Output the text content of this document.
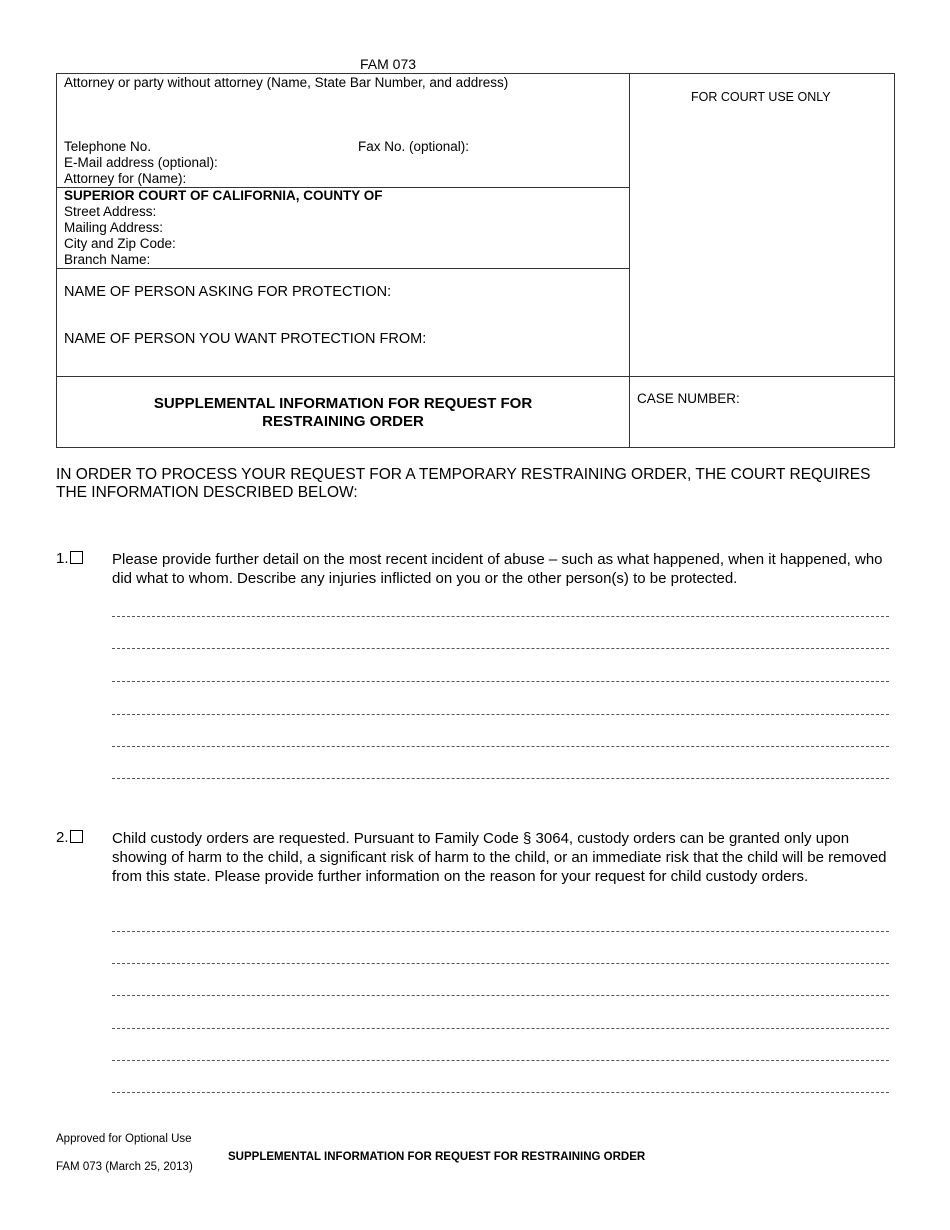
FAM 073
Attorney or party without attorney (Name, State Bar Number, and address)
Telephone No.	Fax No. (optional):
E-Mail address (optional):
Attorney for (Name):
SUPERIOR COURT OF CALIFORNIA, COUNTY OF
Street Address:
Mailing Address:
City and Zip Code:
Branch Name:
NAME OF PERSON ASKING FOR PROTECTION:
NAME OF PERSON YOU WANT PROTECTION FROM:
FOR COURT USE ONLY
CASE NUMBER:
SUPPLEMENTAL INFORMATION FOR REQUEST FOR
RESTRAINING ORDER
IN ORDER TO PROCESS YOUR REQUEST FOR A TEMPORARY RESTRAINING ORDER, THE COURT REQUIRES THE INFORMATION DESCRIBED BELOW:
1.	Please provide further detail on the most recent incident of abuse – such as what happened, when it happened, who did what to whom. Describe any injuries inflicted on you or the other person(s) to be protected.
2.	Child custody orders are requested. Pursuant to Family Code § 3064, custody orders can be granted only upon showing of harm to the child, a significant risk of harm to the child, or an immediate risk that the child will be removed from this state. Please provide further information on the reason for your request for child custody orders.
Approved for Optional Use
FAM 073 (March 25, 2013)
SUPPLEMENTAL INFORMATION FOR REQUEST FOR RESTRAINING ORDER
